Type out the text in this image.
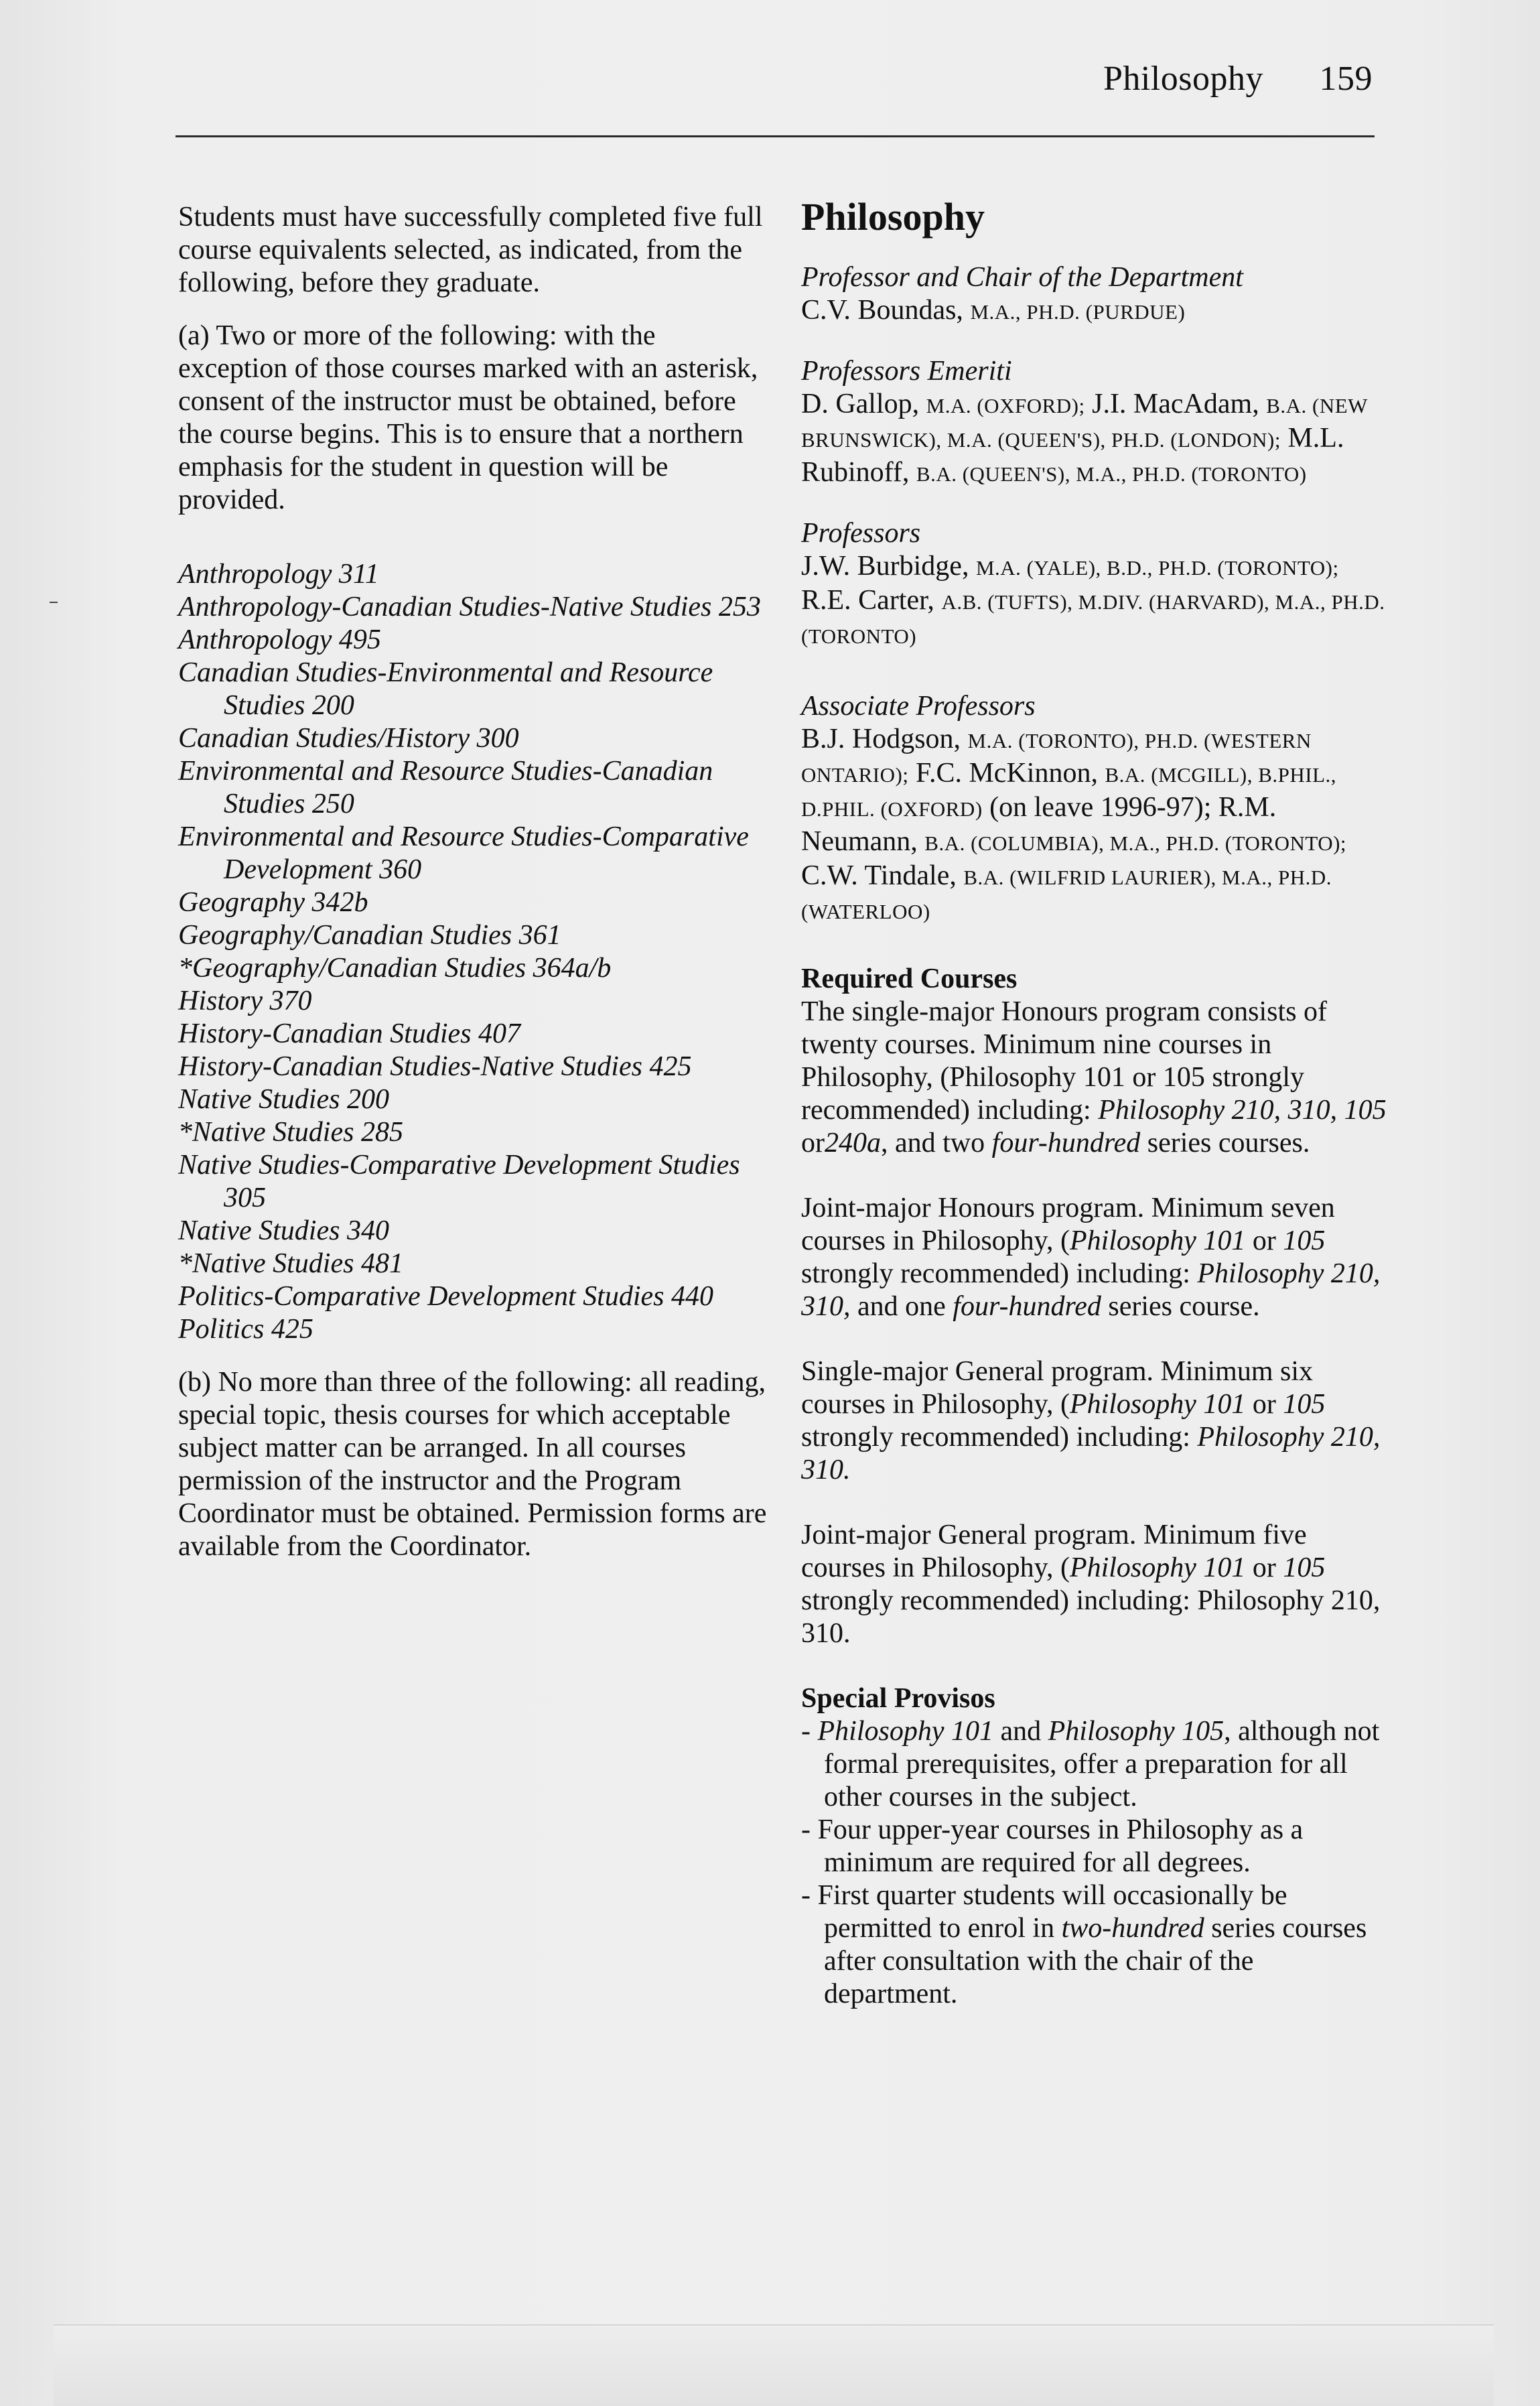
Philosophy 159

Students must have successfully completed five full course equivalents selected, as indicated, from the following, before they graduate.

(a) Two or more of the following: with the exception of those courses marked with an asterisk, consent of the instructor must be obtained, before the course begins. This is to ensure that a northern emphasis for the student in question will be provided.

Anthropology 311
Anthropology-Canadian Studies-Native Studies 253
Anthropology 495
Canadian Studies-Environmental and Resource Studies 200
Canadian Studies/History 300
Environmental and Resource Studies-Canadian Studies 250
Environmental and Resource Studies-Comparative Development 360
Geography 342b
Geography/Canadian Studies 361
*Geography/Canadian Studies 364a/b
History 370
History-Canadian Studies 407
History-Canadian Studies-Native Studies 425
Native Studies 200
*Native Studies 285
Native Studies-Comparative Development Studies 305
Native Studies 340
*Native Studies 481
Politics-Comparative Development Studies 440
Politics 425

(b) No more than three of the following: all reading, special topic, thesis courses for which acceptable subject matter can be arranged. In all courses permission of the instructor and the Program Coordinator must be obtained. Permission forms are available from the Coordinator.

Philosophy
Professor and Chair of the Department
C.V. Boundas, M.A., PH.D. (PURDUE)
Professors Emeriti
D. Gallop, M.A. (OXFORD); J.I. MacAdam, B.A. (NEW BRUNSWICK), M.A. (QUEEN'S), PH.D. (LONDON); M.L. Rubinoff, B.A. (QUEEN'S), M.A., PH.D. (TORONTO)
Professors
J.W. Burbidge, M.A. (YALE), B.D., PH.D. (TORONTO); R.E. Carter, A.B. (TUFTS), M.DIV. (HARVARD), M.A., PH.D. (TORONTO)
Associate Professors
B.J. Hodgson, M.A. (TORONTO), PH.D. (WESTERN ONTARIO); F.C. McKinnon, B.A. (MCGILL), B.PHIL., D.PHIL. (OXFORD) (on leave 1996-97); R.M. Neumann, B.A. (COLUMBIA), M.A., PH.D. (TORONTO); C.W. Tindale, B.A. (WILFRID LAURIER), M.A., PH.D. (WATERLOO)
Required Courses

The single-major Honours program consists of twenty courses. Minimum nine courses in Philosophy, (Philosophy 101 or 105 strongly recommended) including: Philosophy 210, 310, 105 or240a, and two four-hundred series courses.

Joint-major Honours program. Minimum seven courses in Philosophy, (Philosophy 101 or 105 strongly recommended) including: Philosophy 210, 310, and one four-hundred series course.

Single-major General program. Minimum six courses in Philosophy, (Philosophy 101 or 105 strongly recommended) including: Philosophy 210, 310.

Joint-major General program. Minimum five courses in Philosophy, (Philosophy 101 or 105 strongly recommended) including: Philosophy 210, 310.

Special Provisos
- Philosophy 101 and Philosophy 105, although not formal prerequisites, offer a preparation for all other courses in the subject.
- Four upper-year courses in Philosophy as a minimum are required for all degrees.
- First quarter students will occasionally be permitted to enrol in two-hundred series courses after consultation with the chair of the department.
